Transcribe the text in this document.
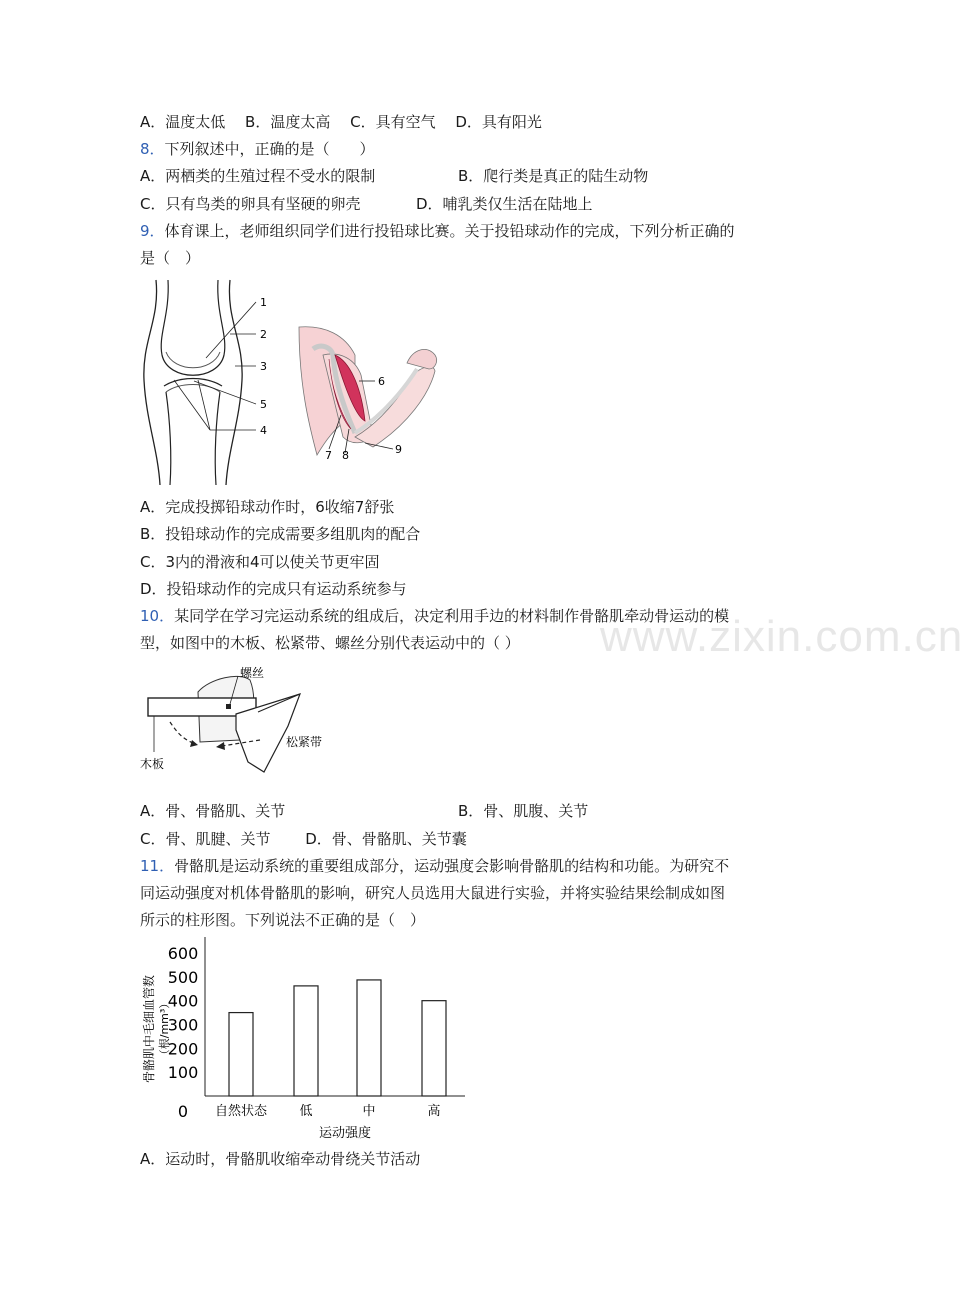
A．温度太低　 B．温度太高　 C．具有空气　 D．具有阳光
8．下列叙述中，正确的是（　　）
A．两栖类的生殖过程不受水的限制	B．爬行类是真正的陆生动物
C．只有鸟类的卵具有坚硬的卵壳	D．哺乳类仅生活在陆地上
9．体育课上，老师组织同学们进行投铅球比赛。关于投铅球动作的完成，下列分析正确的
是（　）
1
2
3
5
4
6
7 8	9
A．完成投掷铅球动作时，6收缩7舒张
B．投铅球动作的完成需要多组肌肉的配合
C．3内的滑液和4可以使关节更牢固
D．投铅球动作的完成只有运动系统参与
www.zixin.com.cn
10．某同学在学习完运动系统的组成后，决定利用手边的材料制作骨骼肌牵动骨运动的模
型，如图中的木板、松紧带、螺丝分别代表运动中的（ ）
螺丝
松紧带
木板
A．骨、骨骼肌、关节	B．骨、肌腹、关节
C．骨、肌腱、关节　　 D．骨、骨骼肌、关节囊
11．骨骼肌是运动系统的重要组成部分，运动强度会影响骨骼肌的结构和功能。为研究不
同运动强度对机体骨骼肌的影响，研究人员选用大鼠进行实验，并将实验结果绘制成如图
所示的柱形图。下列说法不正确的是（　）
骨骼肌中毛细血管数 （根/mm³）
0
100
200
300
400
500
600
自然状态 低	中	高
运动强度
A．运动时，骨骼肌收缩牵动骨绕关节活动
